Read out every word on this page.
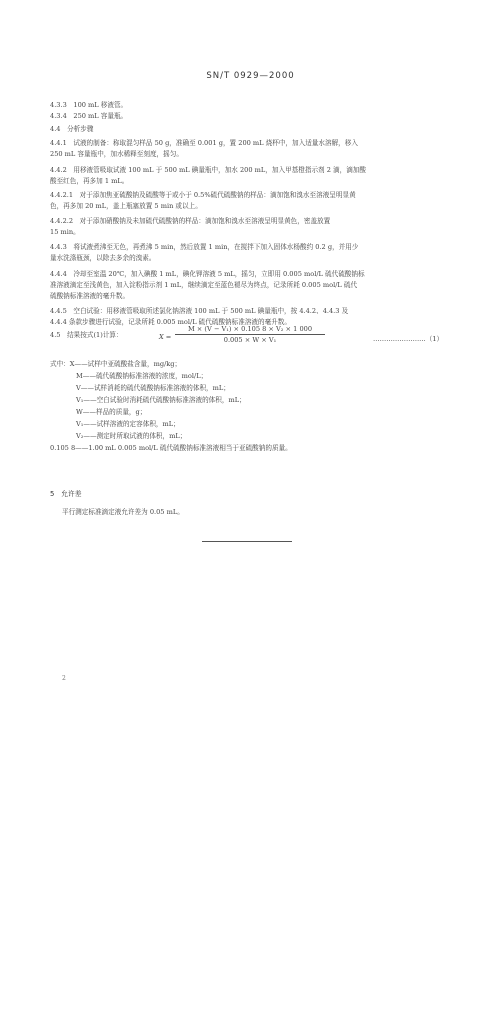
SN/T 0929—2000
4.3.3　100 mL 移液管。
4.3.4　250 mL 容量瓶。
4.4　分析步骤
4.4.1　试液的制备：称取混匀样品 50 g，准确至 0.001 g，置 200 mL 烧杯中，加入适量水溶解，移入
250 mL 容量瓶中，加水稀释至刻度，摇匀。
4.4.2　用移液管吸取试液 100 mL 于 500 mL 碘量瓶中，加水 200 mL，加入甲基橙指示剂 2 滴，滴加酸
酸至红色，再多加 1 mL。
4.4.2.1　对于添加焦亚硫酸钠及硫酸等于或小于 0.5%硫代硫酸钠的样品：滴加饱和溴水至溶液呈明显黄
色，再多加 20 mL，盖上瓶塞放置 5 min 或以上。
4.4.2.2　对于添加硝酸钠及未加硫代硫酸钠的样品：滴加饱和溴水至溶液呈明显黄色，密盖放置
15 min。
4.4.3　将试液煮沸至无色，再煮沸 5 min，然后放置 1 min，在搅拌下加入固体水杨酸约 0.2 g，并用少
量水洗涤瓶颈，以除去多余的溴素。
4.4.4　冷却至室温 20℃，加入碘酸 1 mL，碘化钾溶液 5 mL，摇匀，立即用 0.005 mol/L 硫代硫酸钠标
准溶液滴定至浅黄色，加入淀粉指示剂 1 mL，继续滴定至蓝色褪尽为终点，记录所耗 0.005 mol/L 硫代
硫酸钠标准溶液的毫升数。
4.4.5　空白试验：用移液管吸取所述氯化钠溶液 100 mL 于 500 mL 碘量瓶中，按 4.4.2、4.4.3 及
4.4.4 条款步骤进行试验，记录所耗 0.005 mol/L 硫代硫酸钠标准溶液的毫升数。
4.5　结果按式(1)计算：	X =
M × (V − V₁) × 0.105 8 × V₂ × 1 000
0.005 × W × V₁	……………………（1）
式中：X——试样中亚硫酸盐含量，mg/kg；
M——硫代硫酸钠标准溶液的浓度，mol/L；
V——试样消耗的硫代硫酸钠标准溶液的体积，mL；
V₁——空白试验时消耗硫代硫酸钠标准溶液的体积，mL；
W——样品的质量，g；
V₁——试样溶液的定容体积，mL；
V₂——测定时所取试液的体积，mL；
0.105 8——1.00 mL 0.005 mol/L 硫代硫酸钠标准溶液相当于亚硫酸钠的质量。
5　允许差
平行测定标准滴定液允许差为 0.05 mL。
2
